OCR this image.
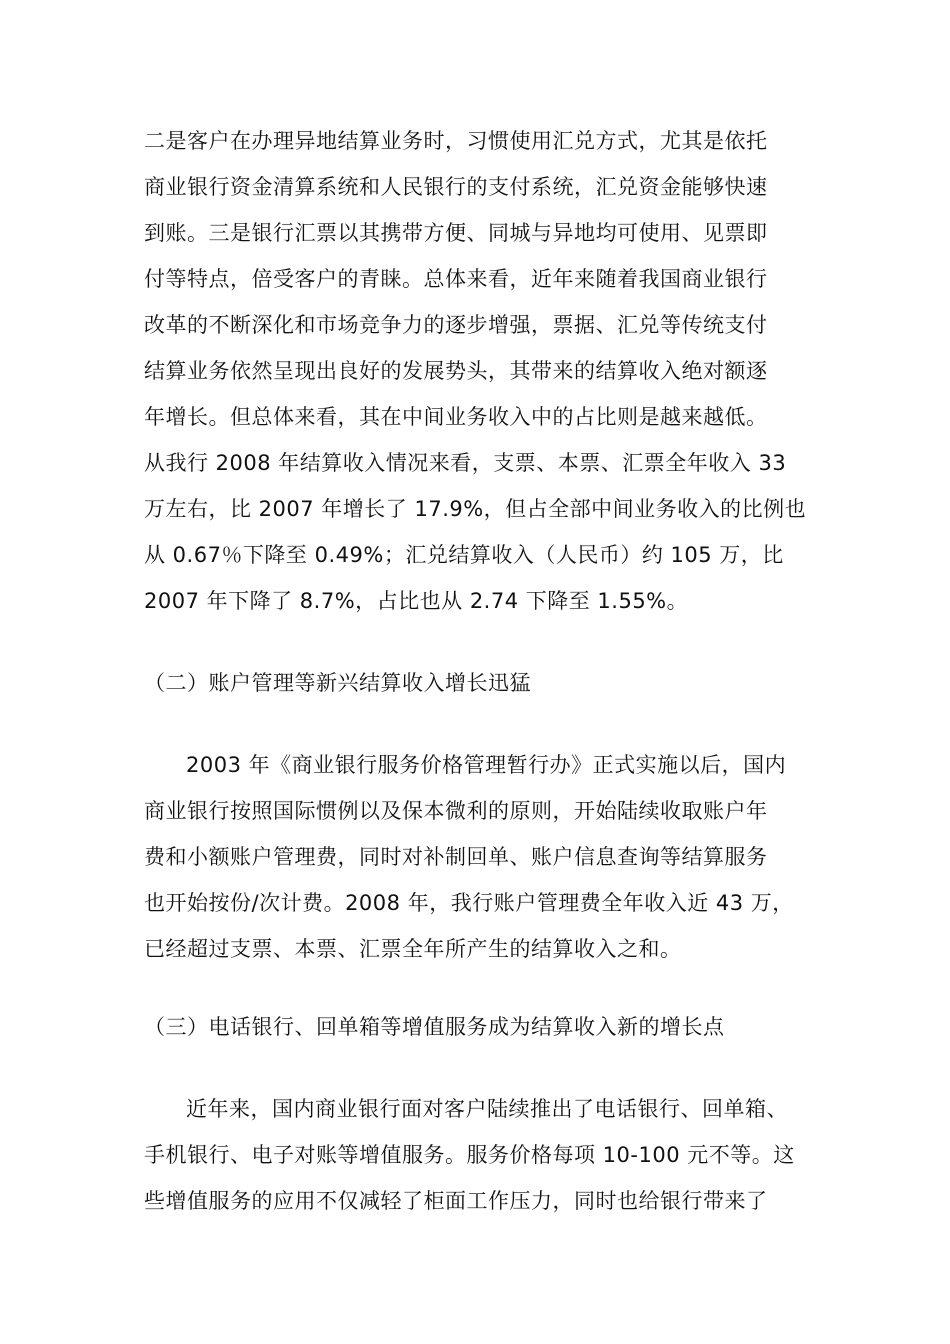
二是客户在办理异地结算业务时，习惯使用汇兑方式，尤其是依托
商业银行资金清算系统和人民银行的支付系统，汇兑资金能够快速
到账。三是银行汇票以其携带方便、同城与异地均可使用、见票即
付等特点，倍受客户的青睐。总体来看，近年来随着我国商业银行
改革的不断深化和市场竞争力的逐步增强，票据、汇兑等传统支付
结算业务依然呈现出良好的发展势头，其带来的结算收入绝对额逐
年增长。但总体来看，其在中间业务收入中的占比则是越来越低。
从我行 2008 年结算收入情况来看，支票、本票、汇票全年收入 33
万左右，比 2007 年增长了 17.9%，但占全部中间业务收入的比例也
从 0.67％下降至 0.49%；汇兑结算收入（人民币）约 105 万，比
2007 年下降了 8.7%，占比也从 2.74 下降至 1.55%。
（二）账户管理等新兴结算收入增长迅猛
2003 年《商业银行服务价格管理暂行办》正式实施以后，国内
商业银行按照国际惯例以及保本微利的原则，开始陆续收取账户年
费和小额账户管理费，同时对补制回单、账户信息查询等结算服务
也开始按份/次计费。2008 年，我行账户管理费全年收入近 43 万，
已经超过支票、本票、汇票全年所产生的结算收入之和。
（三）电话银行、回单箱等增值服务成为结算收入新的增长点
近年来，国内商业银行面对客户陆续推出了电话银行、回单箱、
手机银行、电子对账等增值服务。服务价格每项 10-100 元不等。这
些增值服务的应用不仅减轻了柜面工作压力，同时也给银行带来了
